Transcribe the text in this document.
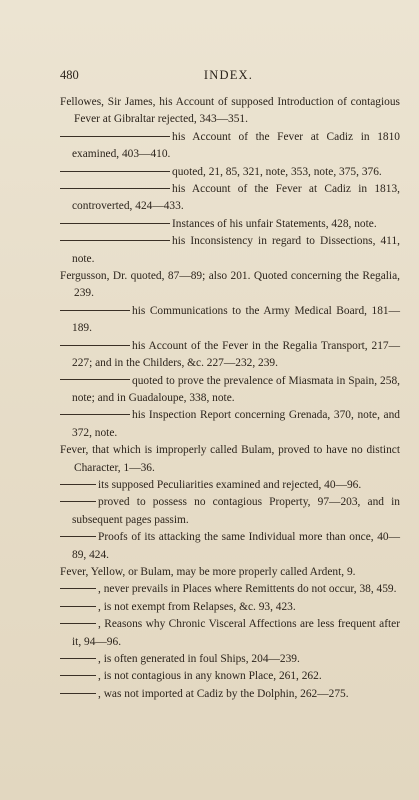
480	INDEX.
Fellowes, Sir James, his Account of supposed Introduction of contagious Fever at Gibraltar rejected, 343—351.
his Account of the Fever at Cadiz in 1810 examined, 403—410.
quoted, 21, 85, 321, note, 353, note, 375, 376.
his Account of the Fever at Cadiz in 1813, controverted, 424—433.
Instances of his unfair Statements, 428, note.
his Inconsistency in regard to Dissections, 411, note.
Fergusson, Dr. quoted, 87—89; also 201. Quoted concerning the Regalia, 239.
his Communications to the Army Medical Board, 181—189.
his Account of the Fever in the Regalia Transport, 217—227; and in the Childers, &c. 227—232, 239.
quoted to prove the prevalence of Miasmata in Spain, 258, note; and in Guadaloupe, 338, note.
his Inspection Report concerning Grenada, 370, note, and 372, note.
Fever, that which is improperly called Bulam, proved to have no distinct Character, 1—36.
its supposed Peculiarities examined and rejected, 40—96.
proved to possess no contagious Property, 97—203, and in subsequent pages passim.
Proofs of its attacking the same Individual more than once, 40—89, 424.
Fever, Yellow, or Bulam, may be more properly called Ardent, 9.
, never prevails in Places where Remittents do not occur, 38, 459.
, is not exempt from Relapses, &c. 93, 423.
, Reasons why Chronic Visceral Affections are less frequent after it, 94—96.
, is often generated in foul Ships, 204—239.
, is not contagious in any known Place, 261, 262.
, was not imported at Cadiz by the Dolphin, 262—275.
